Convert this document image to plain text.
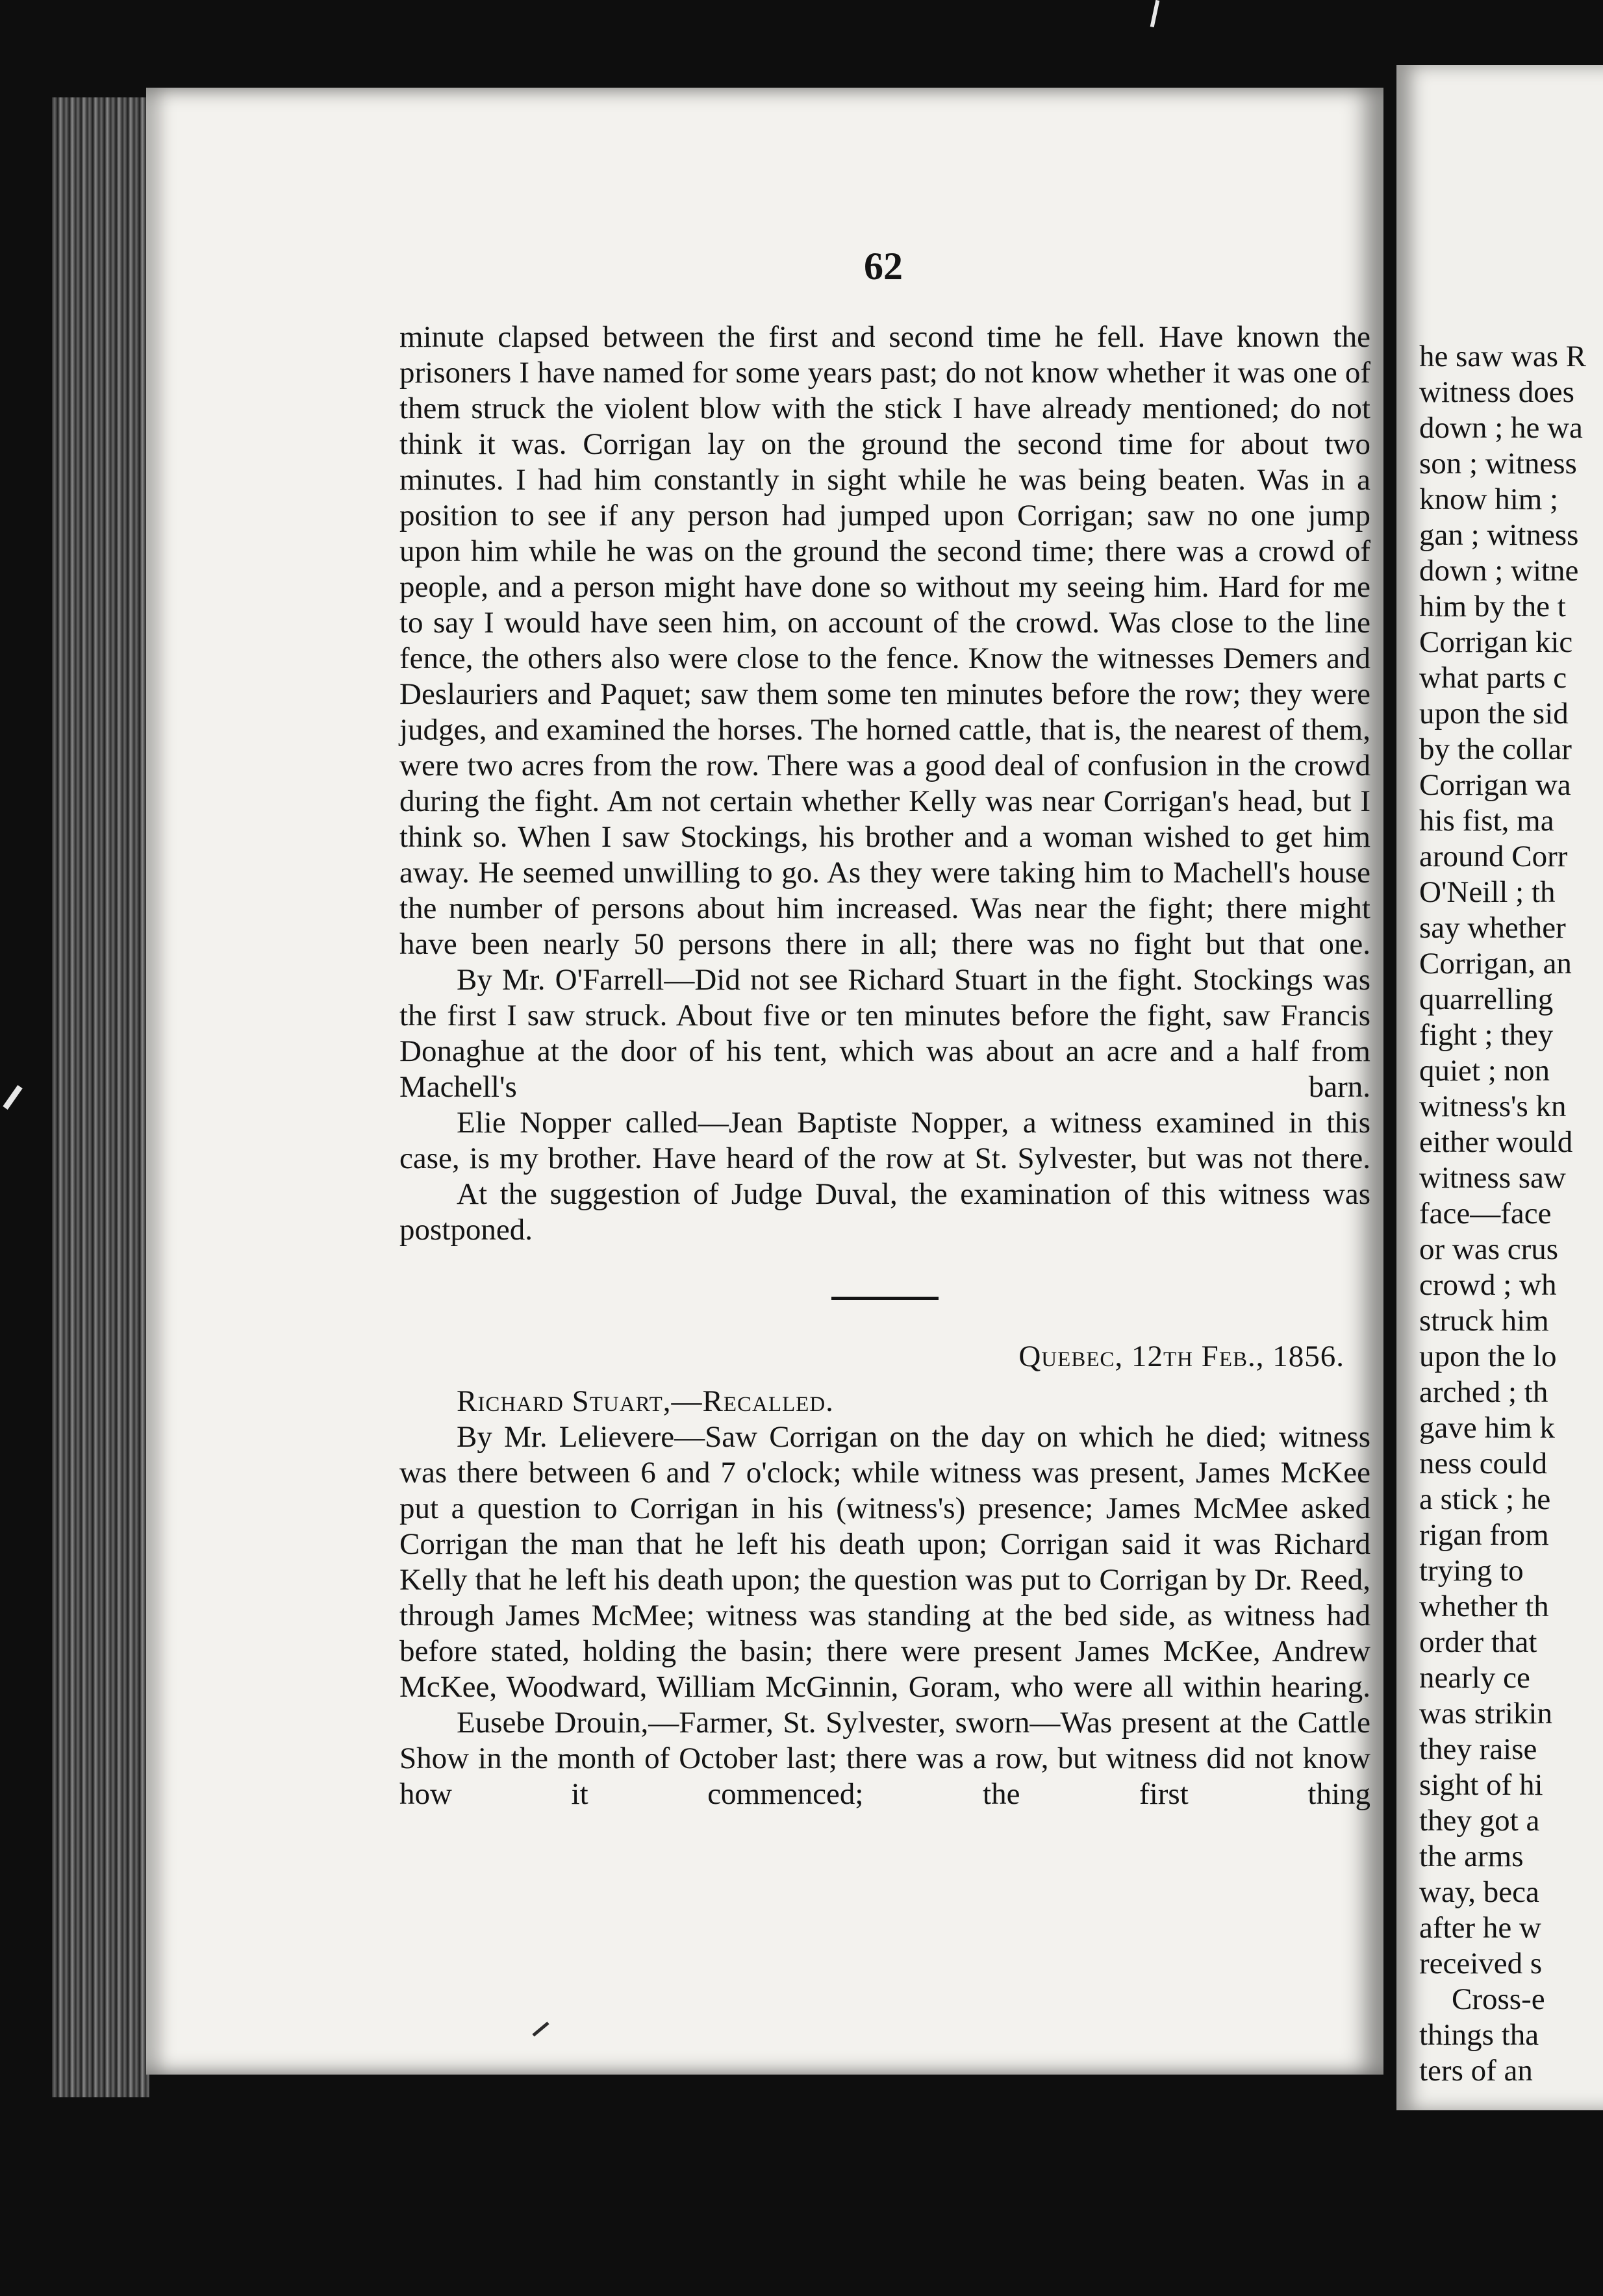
62

minute clapsed between the first and second time he fell. Have known the prisoners I have named for some years past; do not know whether it was one of them struck the violent blow with the stick I have already mentioned; do not think it was. Corrigan lay on the ground the second time for about two minutes. I had him constantly in sight while he was being beaten. Was in a position to see if any person had jumped upon Corrigan; saw no one jump upon him while he was on the ground the second time; there was a crowd of people, and a person might have done so without my seeing him. Hard for me to say I would have seen him, on account of the crowd. Was close to the line fence, the others also were close to the fence. Know the witnesses Demers and Deslauriers and Paquet; saw them some ten minutes before the row; they were judges, and examined the horses. The horned cattle, that is, the nearest of them, were two acres from the row. There was a good deal of confusion in the crowd during the fight. Am not certain whether Kelly was near Corrigan's head, but I think so. When I saw Stockings, his brother and a woman wished to get him away. He seemed unwilling to go. As they were taking him to Machell's house the number of persons about him increased. Was near the fight; there might have been nearly 50 persons there in all; there was no fight but that one.

By Mr. O'Farrell—Did not see Richard Stuart in the fight. Stockings was the first I saw struck. About five or ten minutes before the fight, saw Francis Donaghue at the door of his tent, which was about an acre and a half from Machell's barn.

Elie Nopper called—Jean Baptiste Nopper, a witness examined in this case, is my brother. Have heard of the row at St. Sylvester, but was not there.

At the suggestion of Judge Duval, the examination of this witness was postponed.

Quebec, 12th Feb., 1856.

Richard Stuart,—Recalled.

By Mr. Lelievere—Saw Corrigan on the day on which he died; witness was there between 6 and 7 o'clock; while witness was present, James McKee put a question to Corrigan in his (witness's) presence; James McMee asked Corrigan the man that he left his death upon; Corrigan said it was Richard Kelly that he left his death upon; the question was put to Corrigan by Dr. Reed, through James McMee; witness was standing at the bed side, as witness had before stated, holding the basin; there were present James McKee, Andrew McKee, Woodward, William McGinnin, Goram, who were all within hearing.

Eusebe Drouin,—Farmer, St. Sylvester, sworn—Was present at the Cattle Show in the month of October last; there was a row, but witness did not know how it commenced; the first thing

he saw was R

witness does

down ; he wa

son ; witness

know him ;

gan ; witness

down ; witne

him by the t

Corrigan kic

what parts c

upon the sid

by the collar

Corrigan wa

his fist, ma

around Corr

O'Neill ; th

say whether

Corrigan, an

quarrelling

fight ; they

quiet ; non

witness's kn

either would

witness saw

face—face

or was crus

crowd ; wh

struck him

upon the lo

arched ; th

gave him k

ness could

a stick ; he

rigan from

trying to

whether th

order that

nearly ce

was strikin

they raise

sight of hi

they got a

the arms

way, beca

after he w

received s

Cross-e

things tha

ters of an
